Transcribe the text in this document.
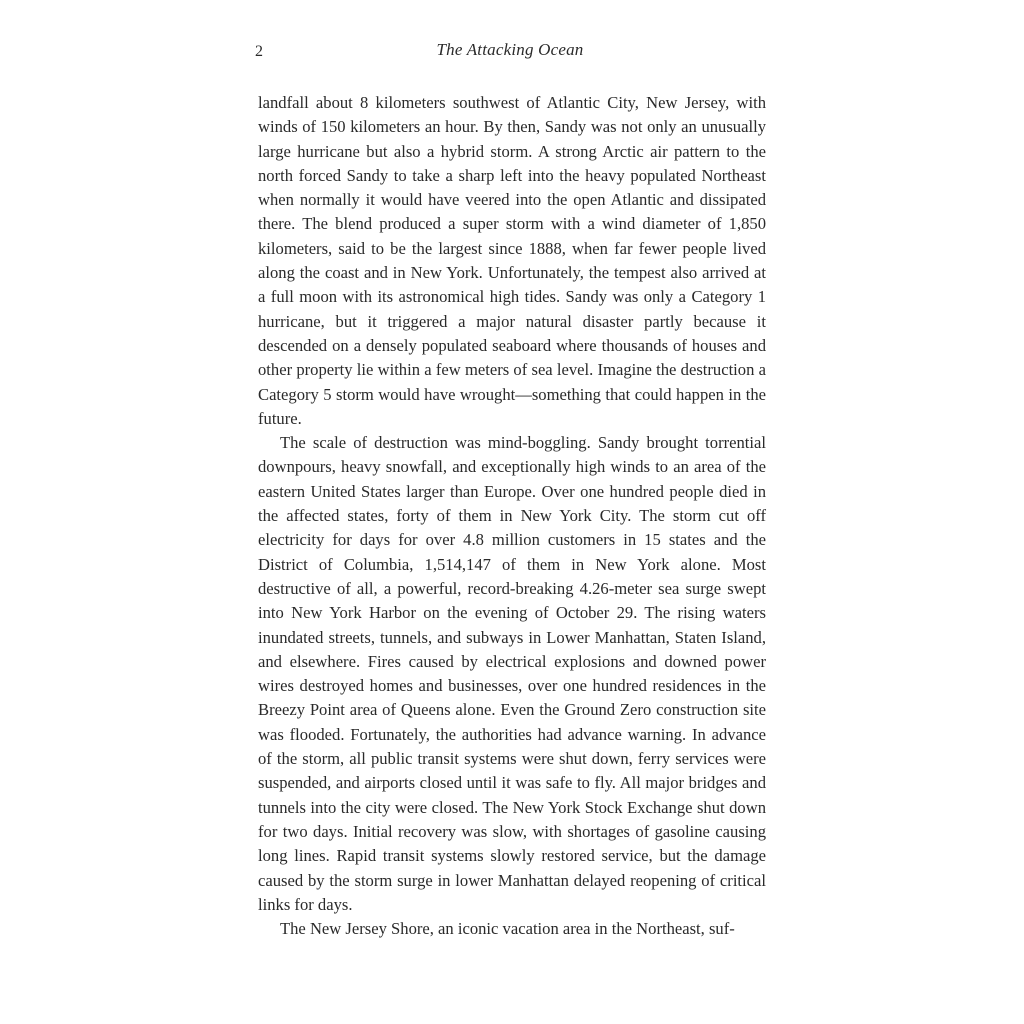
2	The Attacking Ocean

landfall about 8 kilometers southwest of Atlantic City, New Jersey, with winds of 150 kilometers an hour. By then, Sandy was not only an unusually large hurricane but also a hybrid storm. A strong Arctic air pattern to the north forced Sandy to take a sharp left into the heavy populated Northeast when normally it would have veered into the open Atlantic and dissipated there. The blend produced a super storm with a wind diameter of 1,850 kilometers, said to be the largest since 1888, when far fewer people lived along the coast and in New York. Unfortunately, the tempest also arrived at a full moon with its astronomical high tides. Sandy was only a Category 1 hurricane, but it triggered a major natural disaster partly because it descended on a densely populated seaboard where thousands of houses and other property lie within a few meters of sea level. Imagine the destruction a Category 5 storm would have wrought—something that could happen in the future.

The scale of destruction was mind-boggling. Sandy brought torrential downpours, heavy snowfall, and exceptionally high winds to an area of the eastern United States larger than Europe. Over one hundred people died in the affected states, forty of them in New York City. The storm cut off electricity for days for over 4.8 million customers in 15 states and the District of Columbia, 1,514,147 of them in New York alone. Most destructive of all, a powerful, record-breaking 4.26-meter sea surge swept into New York Harbor on the evening of October 29. The rising waters inundated streets, tunnels, and subways in Lower Manhattan, Staten Island, and elsewhere. Fires caused by electrical explosions and downed power wires destroyed homes and businesses, over one hundred residences in the Breezy Point area of Queens alone. Even the Ground Zero construction site was flooded. Fortunately, the authorities had advance warning. In advance of the storm, all public transit systems were shut down, ferry services were suspended, and airports closed until it was safe to fly. All major bridges and tunnels into the city were closed. The New York Stock Exchange shut down for two days. Initial recovery was slow, with shortages of gasoline causing long lines. Rapid transit systems slowly restored service, but the damage caused by the storm surge in lower Manhattan delayed reopening of critical links for days.

The New Jersey Shore, an iconic vacation area in the Northeast, suf-
